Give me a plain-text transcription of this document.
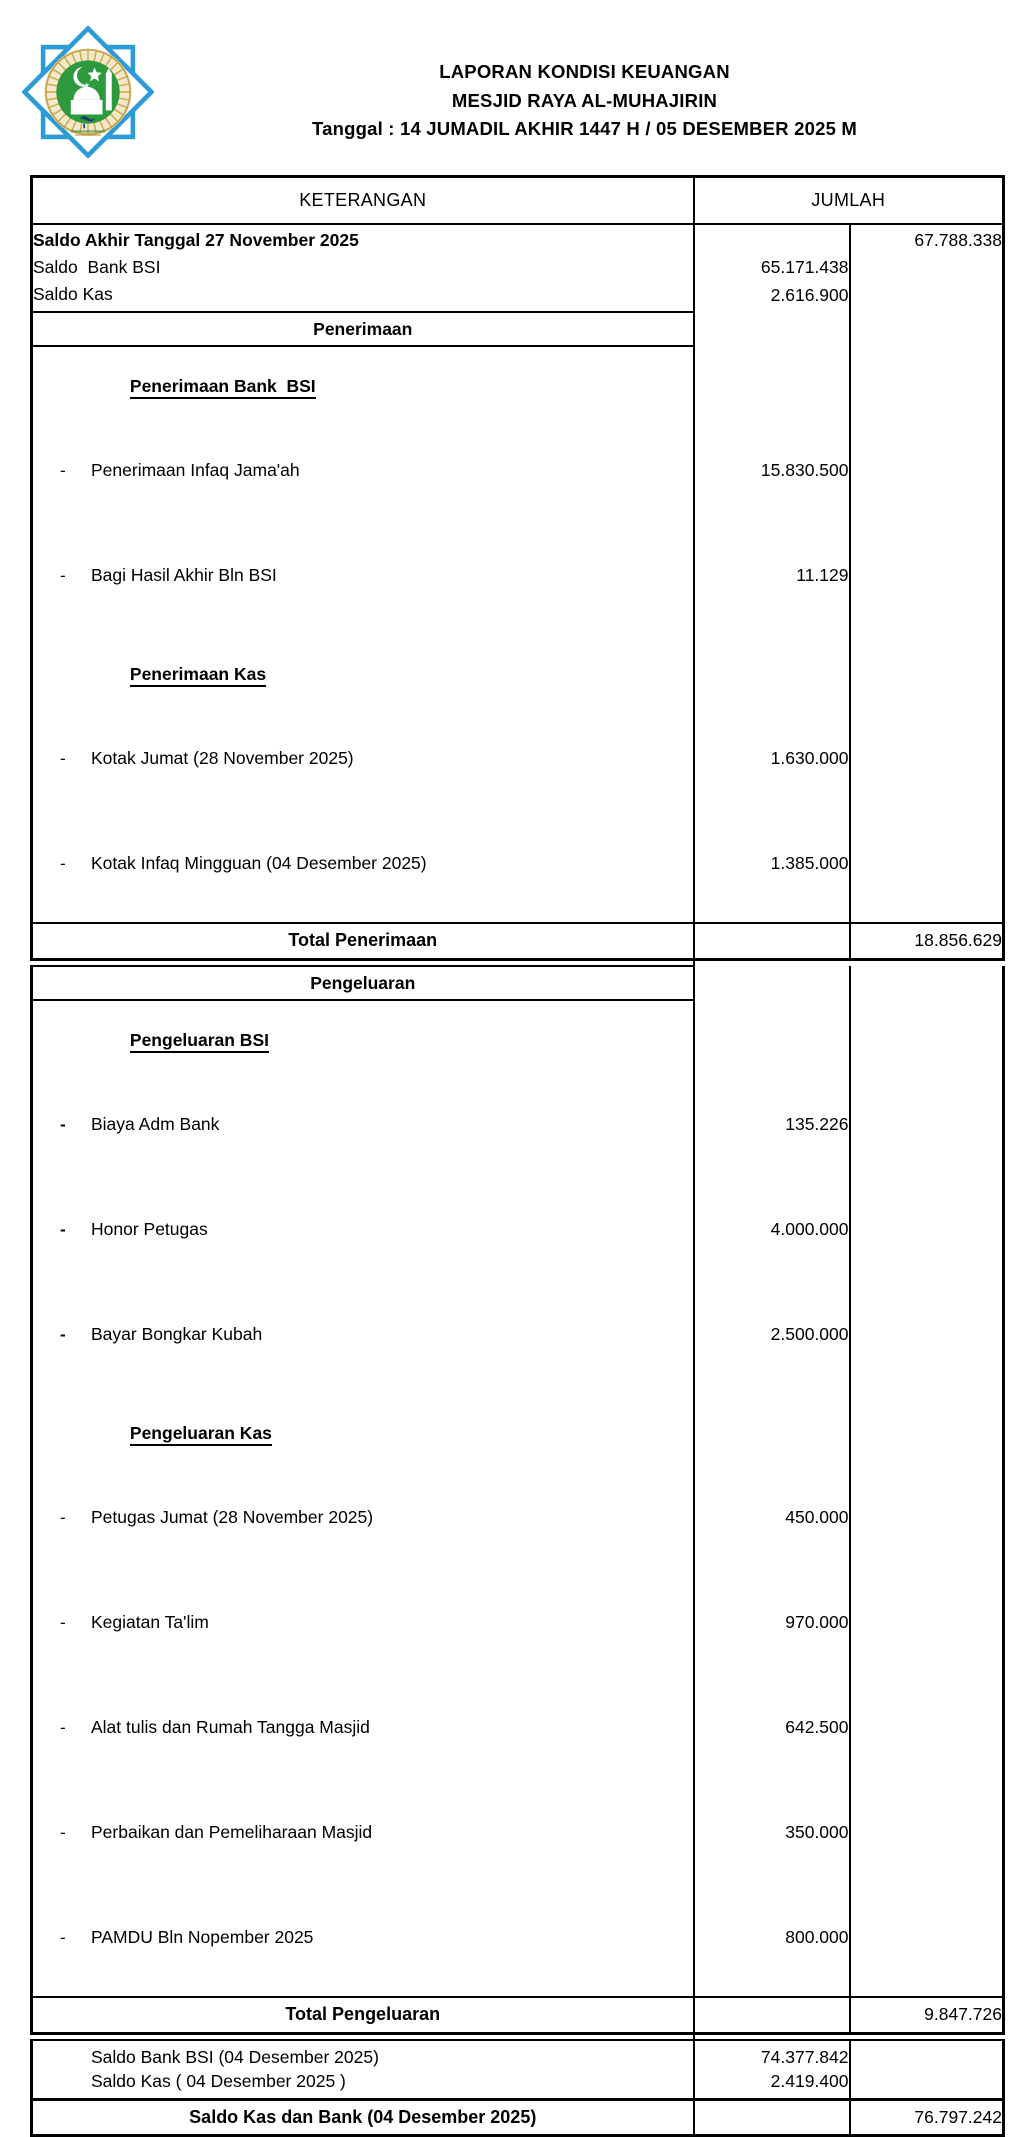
LAPORAN KONDISI KEUANGAN
MESJID RAYA AL-MUHAJIRIN
Tanggal : 14 JUMADIL AKHIR 1447 H / 05 DESEMBER 2025 M
KETERANGAN	JUMLAH	
Saldo Akhir Tanggal 27 November 2025		67.788.338
Saldo  Bank BSI	65.171.438	
Saldo Kas	2.616.900	
Penerimaan		

Penerimaan Bank  BSI

- Penerimaan Infaq Jama'ah	15.830.500	

- Bagi Hasil Akhir Bln BSI	11.129	

Penerimaan Kas

- Kotak Jumat (28 November 2025)	1.630.000	

- Kotak Infaq Mingguan (04 Desember 2025)	1.385.000	
Total Penerimaan		18.856.629

Pengeluaran		

Pengeluaran BSI

- Biaya Adm Bank	135.226	

- Honor Petugas	4.000.000	

- Bayar Bongkar Kubah	2.500.000	

Pengeluaran Kas

- Petugas Jumat (28 November 2025)	450.000	

- Kegiatan Ta'lim	970.000	

- Alat tulis dan Rumah Tangga Masjid	642.500	

- Perbaikan dan Pemeliharaan Masjid	350.000	

- PAMDU Bln Nopember 2025	800.000	
Total Pengeluaran		9.847.726

Saldo Bank BSI (04 Desember 2025)	74.377.842	
Saldo Kas ( 04 Desember 2025 )	2.419.400	
Saldo Kas dan Bank (04 Desember 2025)		76.797.242
